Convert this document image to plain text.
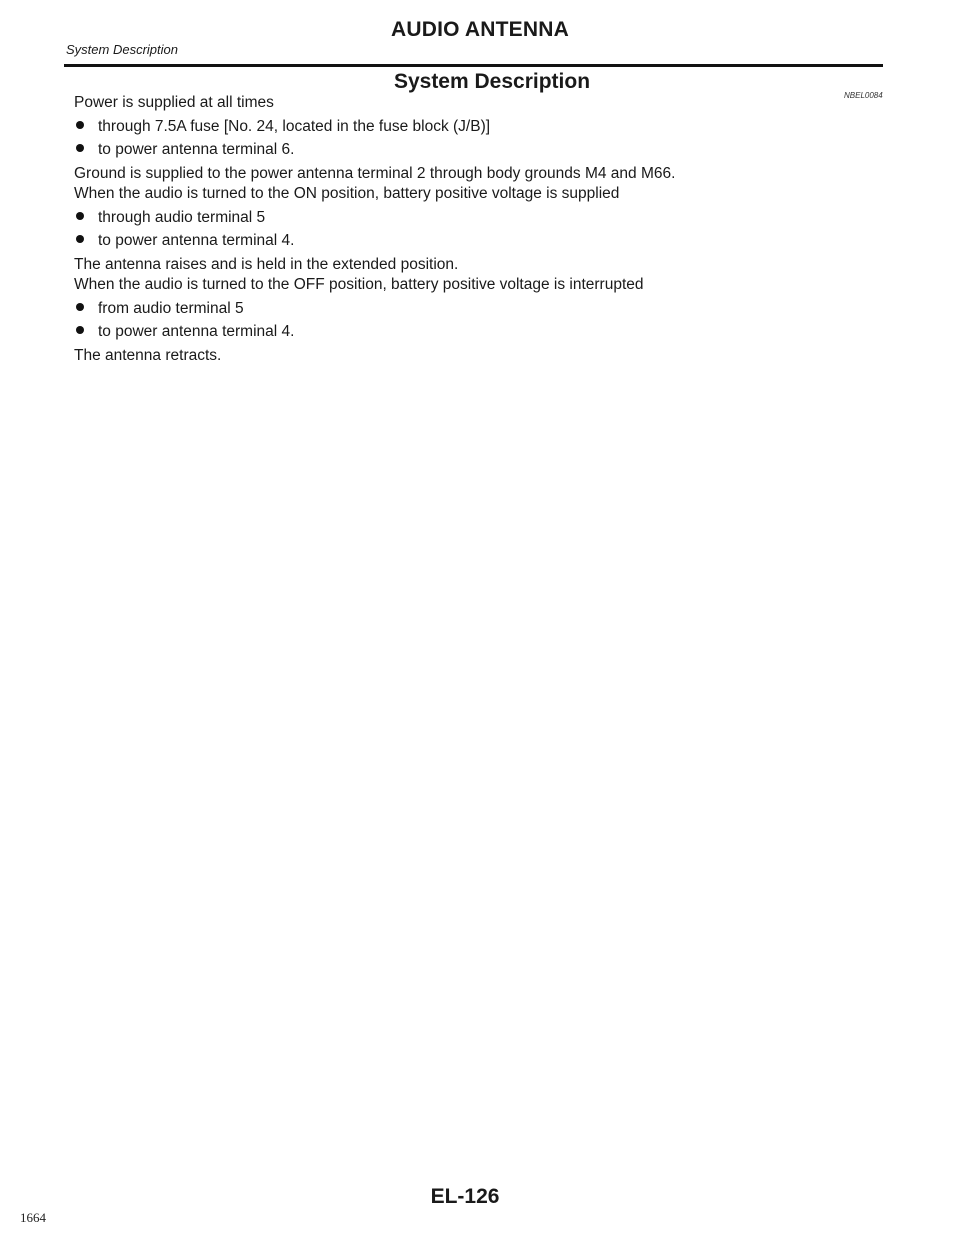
AUDIO ANTENNA
System Description
System Description
NBEL0084
Power is supplied at all times
through 7.5A fuse [No. 24, located in the fuse block (J/B)]
to power antenna terminal 6.
Ground is supplied to the power antenna terminal 2 through body grounds M4 and M66.
When the audio is turned to the ON position, battery positive voltage is supplied
through audio terminal 5
to power antenna terminal 4.
The antenna raises and is held in the extended position.
When the audio is turned to the OFF position, battery positive voltage is interrupted
from audio terminal 5
to power antenna terminal 4.
The antenna retracts.
EL-126
1664
